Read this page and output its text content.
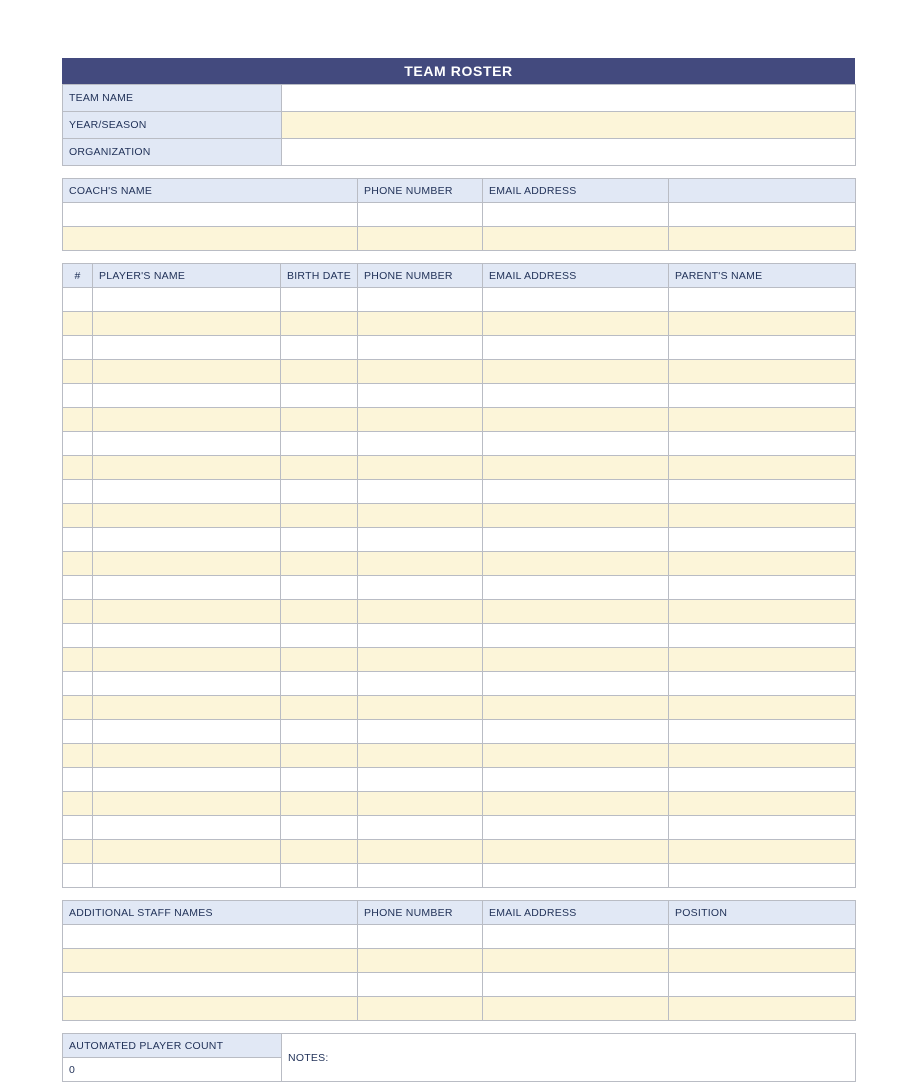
TEAM ROSTER
TEAM NAME	
YEAR/SEASON	
ORGANIZATION	
COACH'S NAME	PHONE NUMBER	EMAIL ADDRESS	

#	PLAYER'S NAME	BIRTH DATE	PHONE NUMBER	EMAIL ADDRESS	PARENT'S NAME

ADDITIONAL STAFF NAMES	PHONE NUMBER	EMAIL ADDRESS	POSITION

AUTOMATED PLAYER COUNT	NOTES:
0
